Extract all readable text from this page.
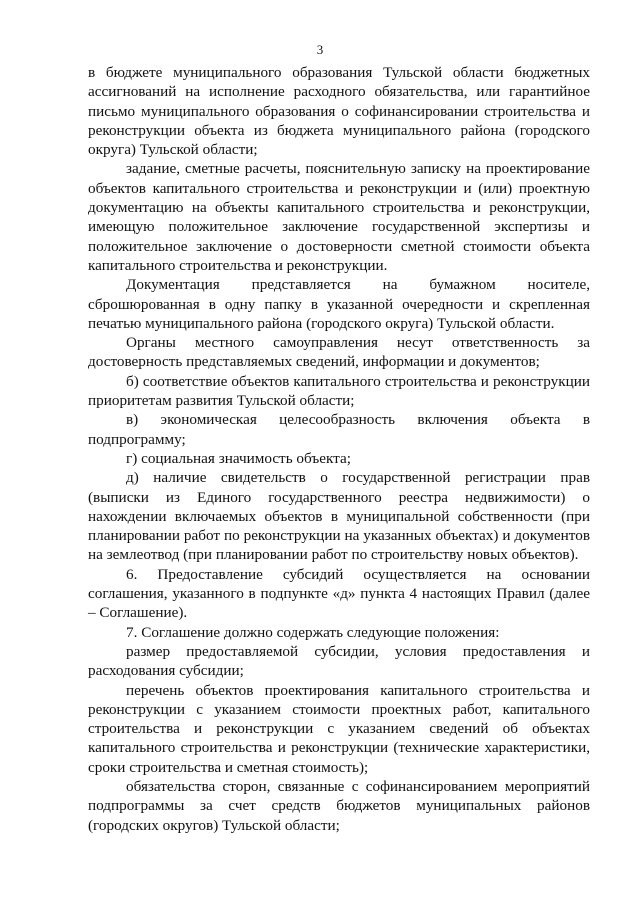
3

в бюджете муниципального образования Тульской области бюджетных ассигнований на исполнение расходного обязательства, или гарантийное письмо муниципального образования о софинансировании строительства и реконструкции объекта из бюджета муниципального района (городского округа) Тульской области;

задание, сметные расчеты, пояснительную записку на проектирование объектов капитального строительства и реконструкции и (или) проектную документацию на объекты капитального строительства и реконструкции, имеющую положительное заключение государственной экспертизы и положительное заключение о достоверности сметной стоимости объекта капитального строительства и реконструкции.

Документация представляется на бумажном носителе, сброшюрованная в одну папку в указанной очередности и скрепленная печатью муниципального района (городского округа) Тульской области.

Органы местного самоуправления несут ответственность за достоверность представляемых сведений, информации и документов;

б) соответствие объектов капитального строительства и реконструкции приоритетам развития Тульской области;

в) экономическая целесообразность включения объекта в подпрограмму;

г) социальная значимость объекта;

д) наличие свидетельств о государственной регистрации прав (выписки из Единого государственного реестра недвижимости) о нахождении включаемых объектов в муниципальной собственности (при планировании работ по реконструкции на указанных объектах) и документов на землеотвод (при планировании работ по строительству новых объектов).

6. Предоставление субсидий осуществляется на основании соглашения, указанного в подпункте «д» пункта 4 настоящих Правил (далее – Соглашение).

7. Соглашение должно содержать следующие положения:

размер предоставляемой субсидии, условия предоставления и расходования субсидии;

перечень объектов проектирования капитального строительства и реконструкции с указанием стоимости проектных работ, капитального строительства и реконструкции с указанием сведений об объектах капитального строительства и реконструкции (технические характеристики, сроки строительства и сметная стоимость);

обязательства сторон, связанные с софинансированием мероприятий подпрограммы за счет средств бюджетов муниципальных районов (городских округов) Тульской области;
